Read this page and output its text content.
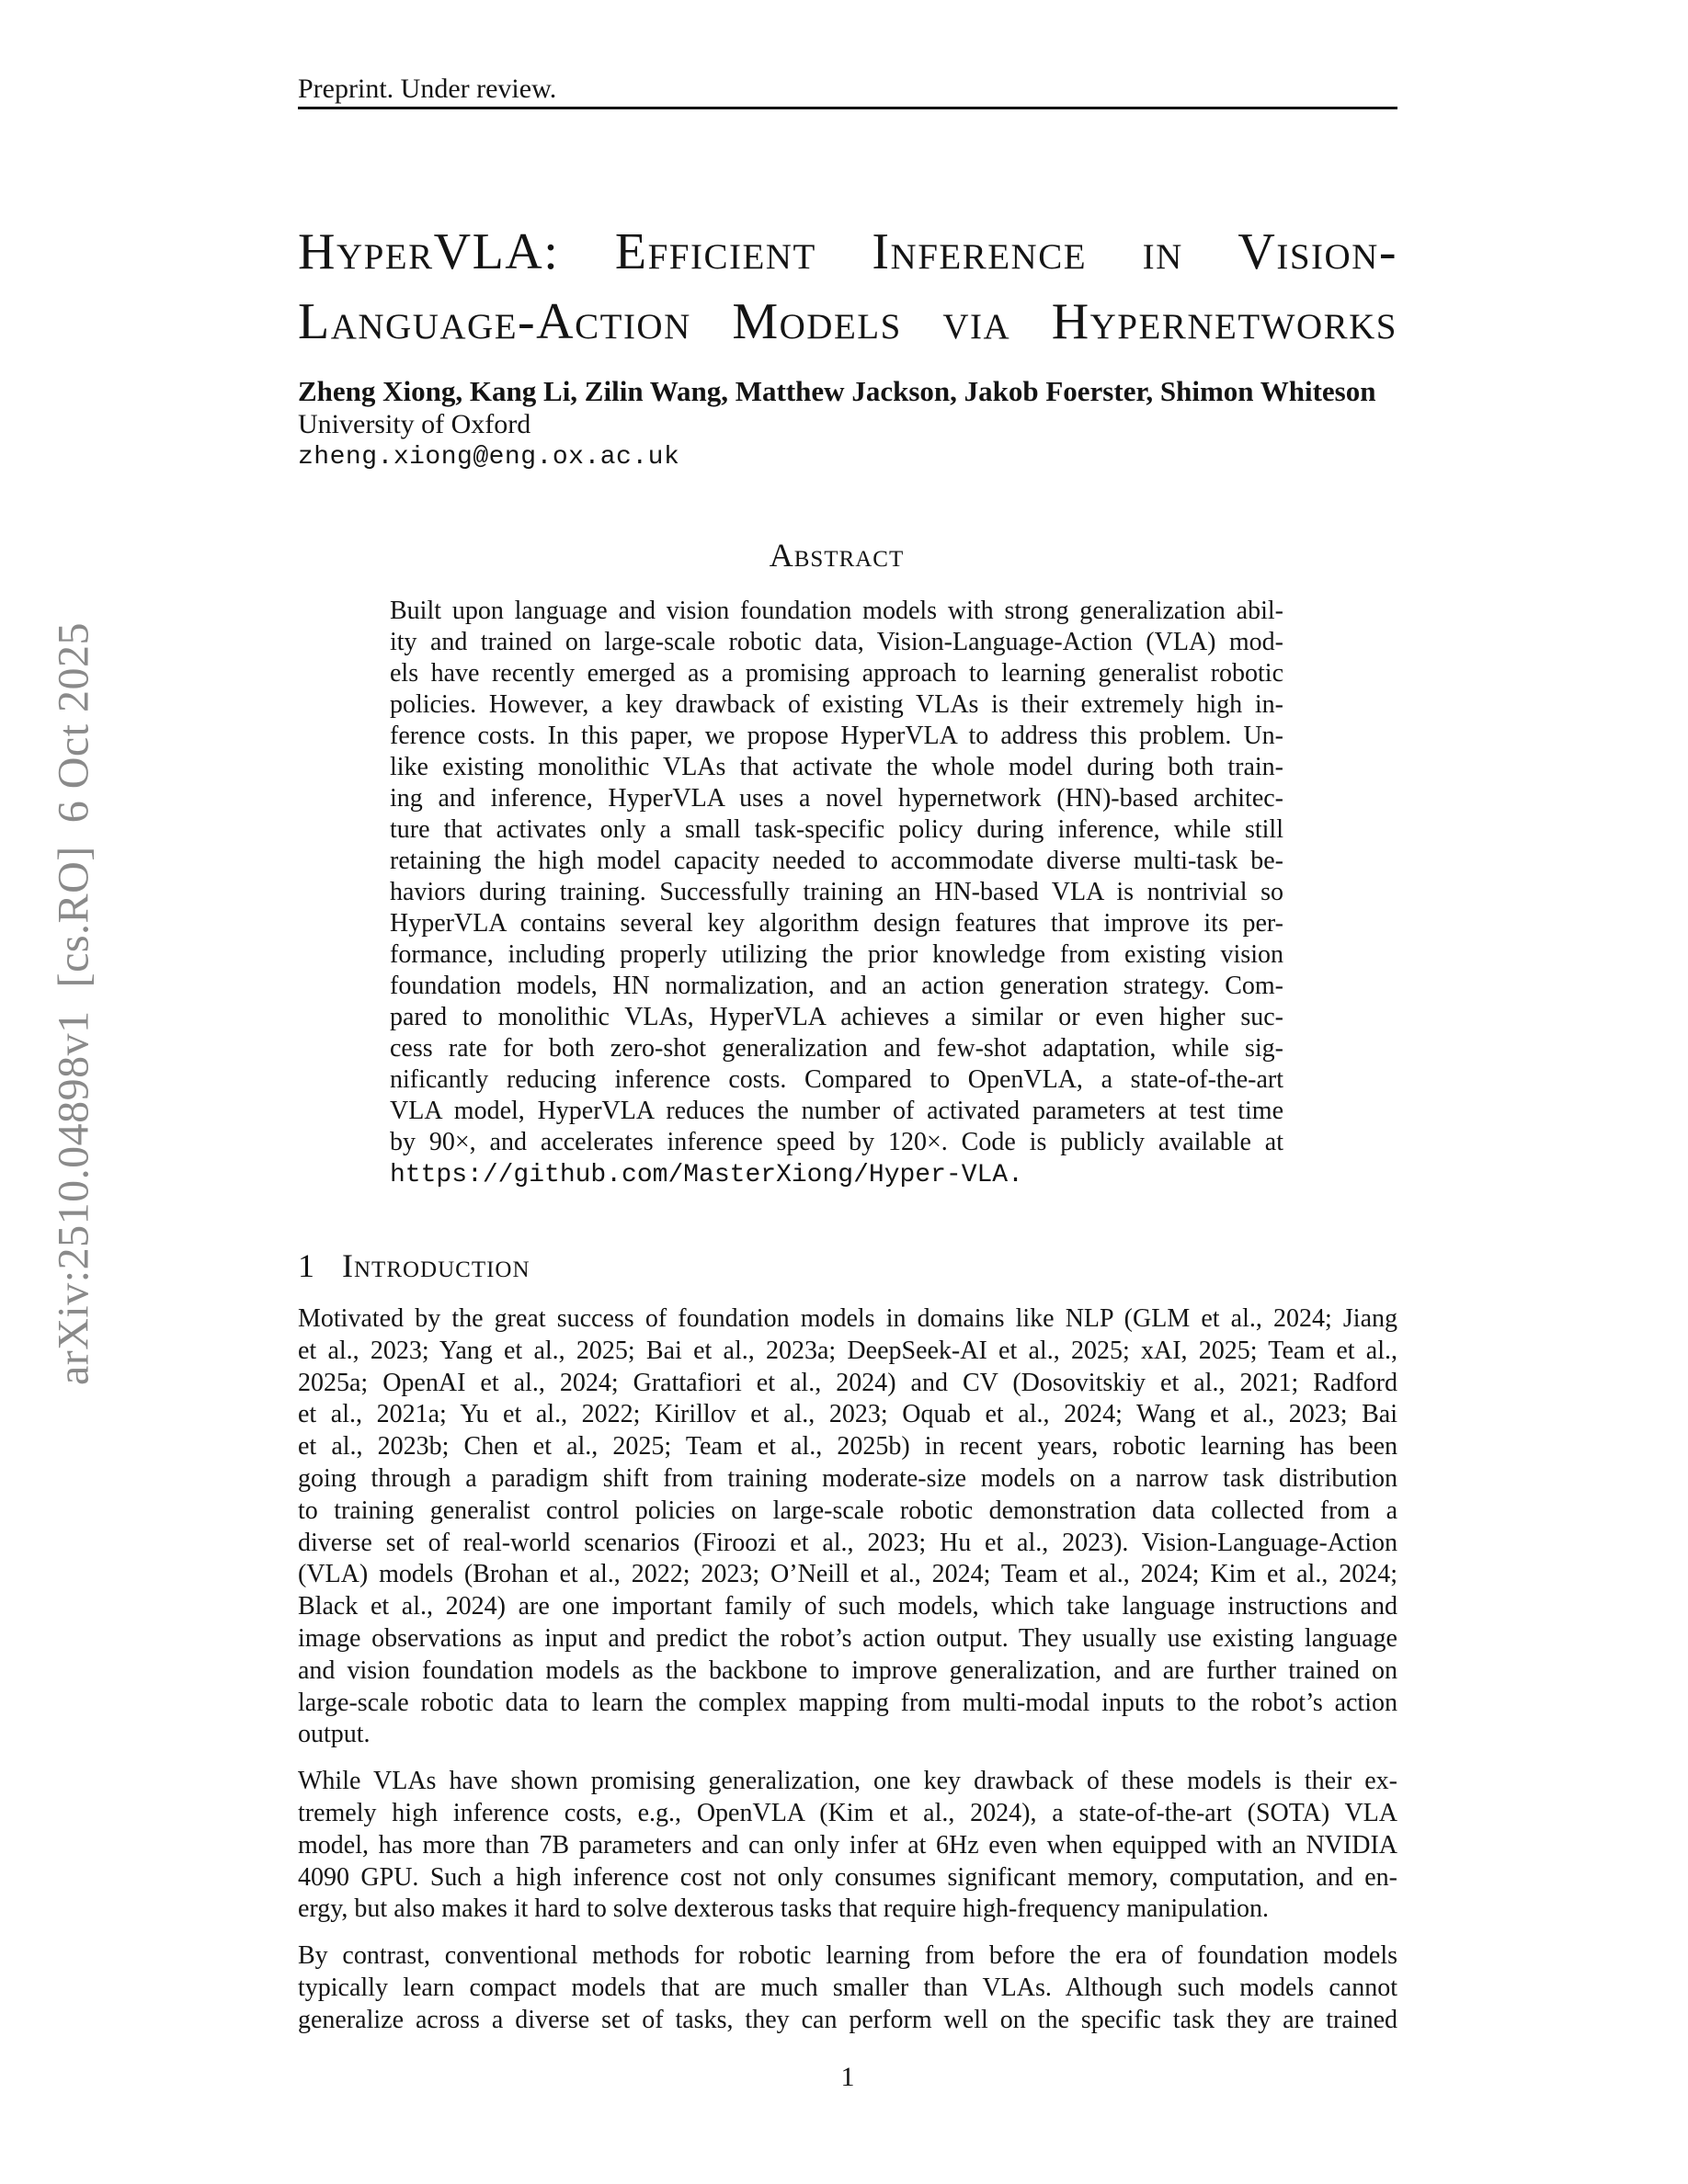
arXiv:2510.04898v1  [cs.RO]  6 Oct 2025
Preprint. Under review.
HyperVLA: Efficient Inference in Vision-
Language-Action Models via Hypernetworks
Zheng Xiong, Kang Li, Zilin Wang, Matthew Jackson, Jakob Foerster, Shimon Whiteson
University of Oxford
zheng.xiong@eng.ox.ac.uk
Abstract
Built upon language and vision foundation models with strong generalization abil-
ity and trained on large-scale robotic data, Vision-Language-Action (VLA) mod-
els have recently emerged as a promising approach to learning generalist robotic
policies. However, a key drawback of existing VLAs is their extremely high in-
ference costs. In this paper, we propose HyperVLA to address this problem. Un-
like existing monolithic VLAs that activate the whole model during both train-
ing and inference, HyperVLA uses a novel hypernetwork (HN)-based architec-
ture that activates only a small task-specific policy during inference, while still
retaining the high model capacity needed to accommodate diverse multi-task be-
haviors during training. Successfully training an HN-based VLA is nontrivial so
HyperVLA contains several key algorithm design features that improve its per-
formance, including properly utilizing the prior knowledge from existing vision
foundation models, HN normalization, and an action generation strategy. Com-
pared to monolithic VLAs, HyperVLA achieves a similar or even higher suc-
cess rate for both zero-shot generalization and few-shot adaptation, while sig-
nificantly reducing inference costs. Compared to OpenVLA, a state-of-the-art
VLA model, HyperVLA reduces the number of activated parameters at test time
by 90×, and accelerates inference speed by 120×. Code is publicly available at
https://github.com/MasterXiong/Hyper-VLA.
1 Introduction
Motivated by the great success of foundation models in domains like NLP (GLM et al., 2024; Jiang
et al., 2023; Yang et al., 2025; Bai et al., 2023a; DeepSeek-AI et al., 2025; xAI, 2025; Team et al.,
2025a; OpenAI et al., 2024; Grattafiori et al., 2024) and CV (Dosovitskiy et al., 2021; Radford
et al., 2021a; Yu et al., 2022; Kirillov et al., 2023; Oquab et al., 2024; Wang et al., 2023; Bai
et al., 2023b; Chen et al., 2025; Team et al., 2025b) in recent years, robotic learning has been
going through a paradigm shift from training moderate-size models on a narrow task distribution
to training generalist control policies on large-scale robotic demonstration data collected from a
diverse set of real-world scenarios (Firoozi et al., 2023; Hu et al., 2023). Vision-Language-Action
(VLA) models (Brohan et al., 2022; 2023; O’Neill et al., 2024; Team et al., 2024; Kim et al., 2024;
Black et al., 2024) are one important family of such models, which take language instructions and
image observations as input and predict the robot’s action output. They usually use existing language
and vision foundation models as the backbone to improve generalization, and are further trained on
large-scale robotic data to learn the complex mapping from multi-modal inputs to the robot’s action
output.
While VLAs have shown promising generalization, one key drawback of these models is their ex-
tremely high inference costs, e.g., OpenVLA (Kim et al., 2024), a state-of-the-art (SOTA) VLA
model, has more than 7B parameters and can only infer at 6Hz even when equipped with an NVIDIA
4090 GPU. Such a high inference cost not only consumes significant memory, computation, and en-
ergy, but also makes it hard to solve dexterous tasks that require high-frequency manipulation.
By contrast, conventional methods for robotic learning from before the era of foundation models
typically learn compact models that are much smaller than VLAs. Although such models cannot
generalize across a diverse set of tasks, they can perform well on the specific task they are trained
1
